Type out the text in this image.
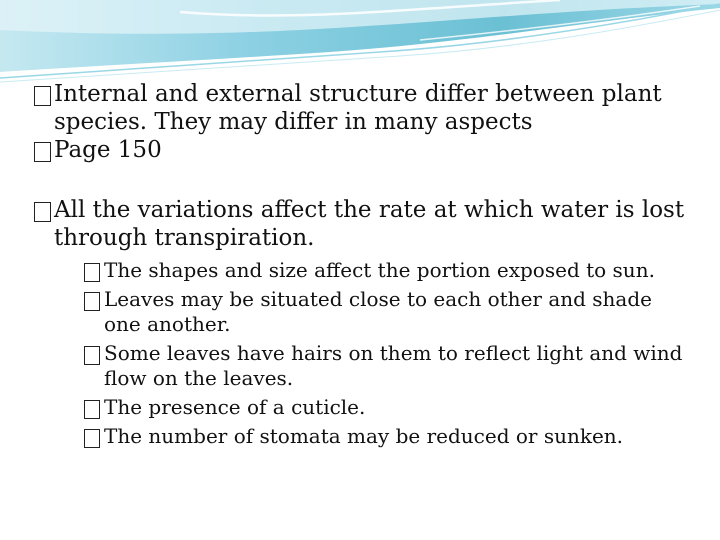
Internal and external structure differ between plant species. They may differ in many aspects
Page 150
All the variations affect the rate at which water is lost through transpiration.
The shapes and size affect the portion exposed to sun.
Leaves may be situated close to each other and shade one another.
Some leaves have hairs on them to reflect light and wind flow on the leaves.
The presence of a cuticle.
The number of stomata may be reduced or sunken.
